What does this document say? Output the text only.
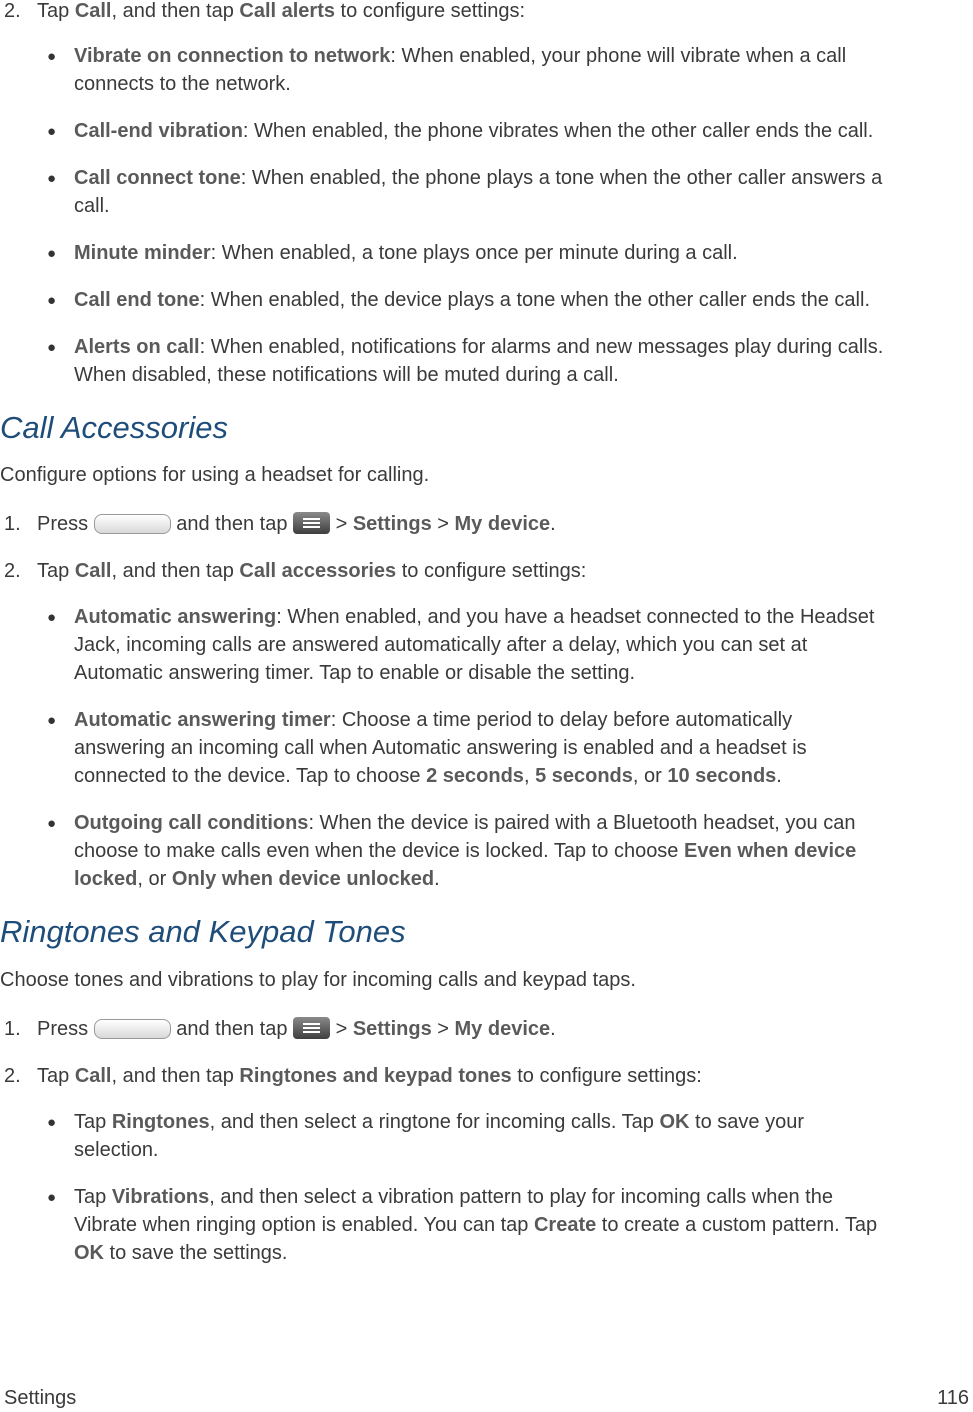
2. Tap Call, and then tap Call alerts to configure settings:
● Vibrate on connection to network: When enabled, your phone will vibrate when a call
connects to the network.
● Call-end vibration: When enabled, the phone vibrates when the other caller ends the call.
● Call connect tone: When enabled, the phone plays a tone when the other caller answers a
call.
● Minute minder: When enabled, a tone plays once per minute during a call.
● Call end tone: When enabled, the device plays a tone when the other caller ends the call.
● Alerts on call: When enabled, notifications for alarms and new messages play during calls.
When disabled, these notifications will be muted during a call.
Call Accessories
Configure options for using a headset for calling.
1. Press	and then tap
> Settings > My device.
2. Tap Call, and then tap Call accessories to configure settings:
● Automatic answering: When enabled, and you have a headset connected to the Headset
Jack, incoming calls are answered automatically after a delay, which you can set at
Automatic answering timer. Tap to enable or disable the setting.
● Automatic answering timer: Choose a time period to delay before automatically
answering an incoming call when Automatic answering is enabled and a headset is
connected to the device. Tap to choose 2 seconds, 5 seconds, or 10 seconds.
● Outgoing call conditions: When the device is paired with a Bluetooth headset, you can
choose to make calls even when the device is locked. Tap to choose Even when device
locked, or Only when device unlocked.
Ringtones and Keypad Tones
Choose tones and vibrations to play for incoming calls and keypad taps.
1. Press	and then tap
> Settings > My device.
2. Tap Call, and then tap Ringtones and keypad tones to configure settings:
● Tap Ringtones, and then select a ringtone for incoming calls. Tap OK to save your
selection.
● Tap Vibrations, and then select a vibration pattern to play for incoming calls when the
Vibrate when ringing option is enabled. You can tap Create to create a custom pattern. Tap
OK to save the settings.
Settings	116
